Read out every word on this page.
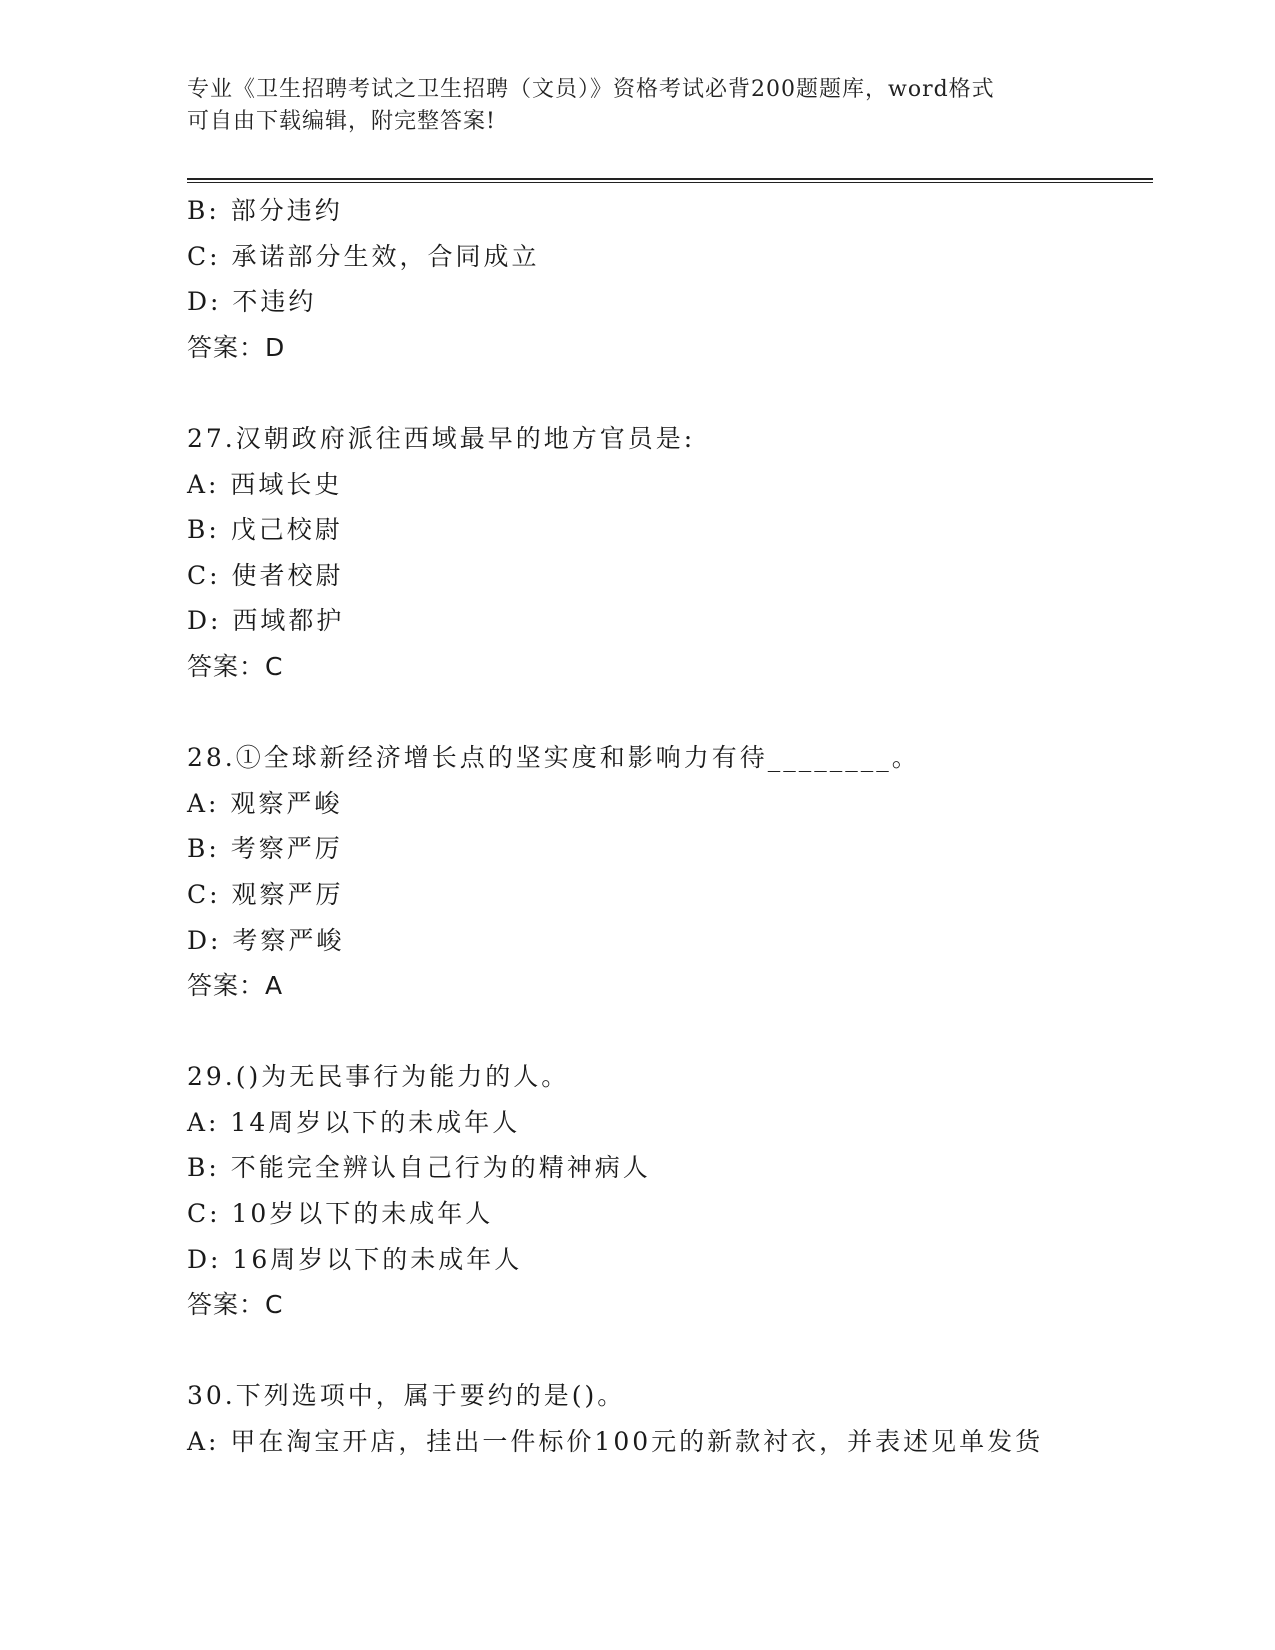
专业《卫生招聘考试之卫生招聘（文员）》资格考试必背200题题库，word格式
可自由下载编辑，附完整答案!
B: 部分违约
C: 承诺部分生效，合同成立
D: 不违约
答案：D
27.汉朝政府派往西域最早的地方官员是:
A: 西域长史
B: 戊己校尉
C: 使者校尉
D: 西域都护
答案：C
28.①全球新经济增长点的坚实度和影响力有待________。
A: 观察严峻
B: 考察严厉
C: 观察严厉
D: 考察严峻
答案：A
29.()为无民事行为能力的人。
A: 14周岁以下的未成年人
B: 不能完全辨认自己行为的精神病人
C: 10岁以下的未成年人
D: 16周岁以下的未成年人
答案：C
30.下列选项中，属于要约的是()。
A: 甲在淘宝开店，挂出一件标价100元的新款衬衣，并表述见单发货
